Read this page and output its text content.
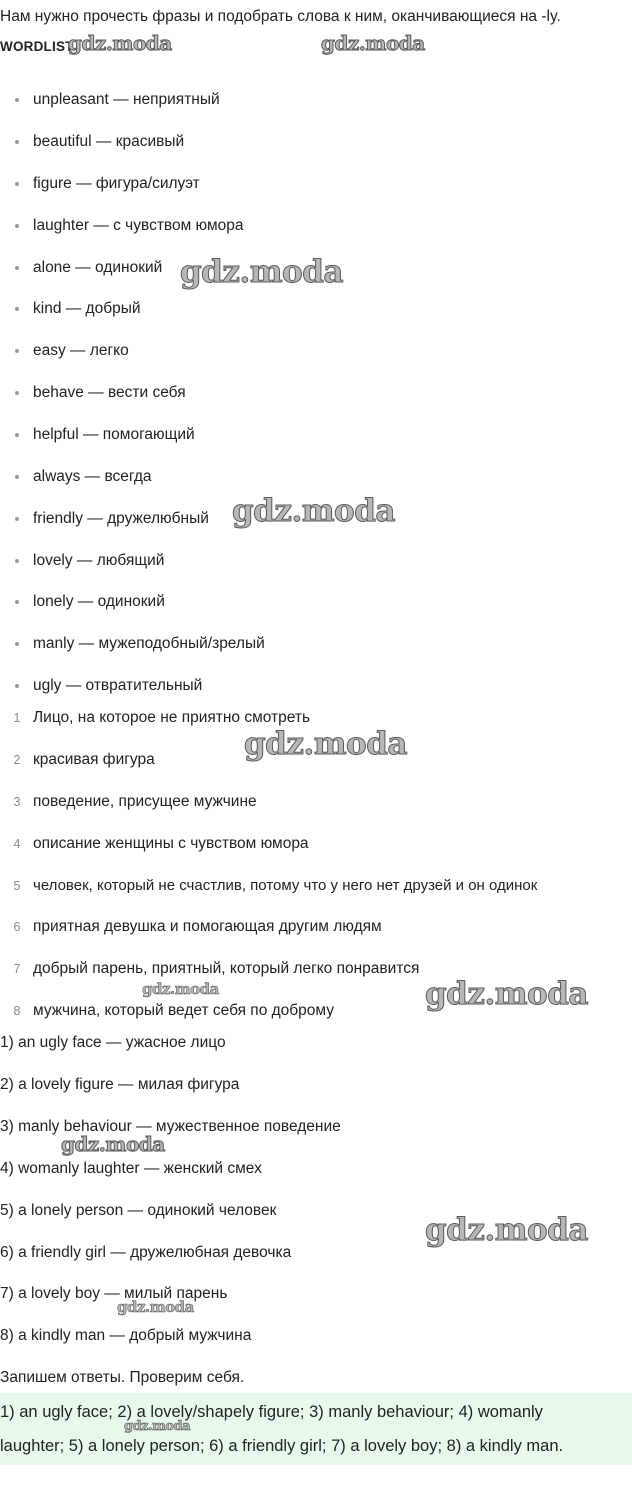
Нам нужно прочесть фразы и подобрать слова к ним, оканчивающиеся на -ly.
WORDLIST
unpleasant — неприятный
beautiful — красивый
figure — фигура/силуэт
laughter — с чувством юмора
alone — одинокий
kind — добрый
easy — легко
behave — вести себя
helpful — помогающий
always — всегда
friendly — дружелюбный
lovely — любящий
lonely — одинокий
manly — мужеподобный/зрелый
ugly — отвратительный
1 Лицо, на которое не приятно смотреть
2 красивая фигура
3 поведение, присущее мужчине
4 описание женщины с чувством юмора
5 человек, который не счастлив, потому что у него нет друзей и он одинок
6 приятная девушка и помогающая другим людям
7 добрый парень, приятный, который легко понравится
8 мужчина, который ведет себя по доброму
1) an ugly face — ужасное лицо
2) a lovely figure — милая фигура
3) manly behaviour — мужественное поведение
4) womanly laughter — женский смех
5) a lonely person — одинокий человек
6) a friendly girl — дружелюбная девочка
7) a lovely boy — милый парень
8) a kindly man — добрый мужчина
Запишем ответы. Проверим себя.
1) an ugly face; 2) a lovely/shapely figure; 3) manly behaviour; 4) womanly
laughter; 5) a lonely person; 6) a friendly girl; 7) a lovely boy; 8) a kindly man.
gdz.moda	gdz.moda
gdz.moda
gdz.moda
gdz.moda
gdz.moda	gdz.moda
gdz.moda
gdz.moda
gdz.moda
gdz.moda
